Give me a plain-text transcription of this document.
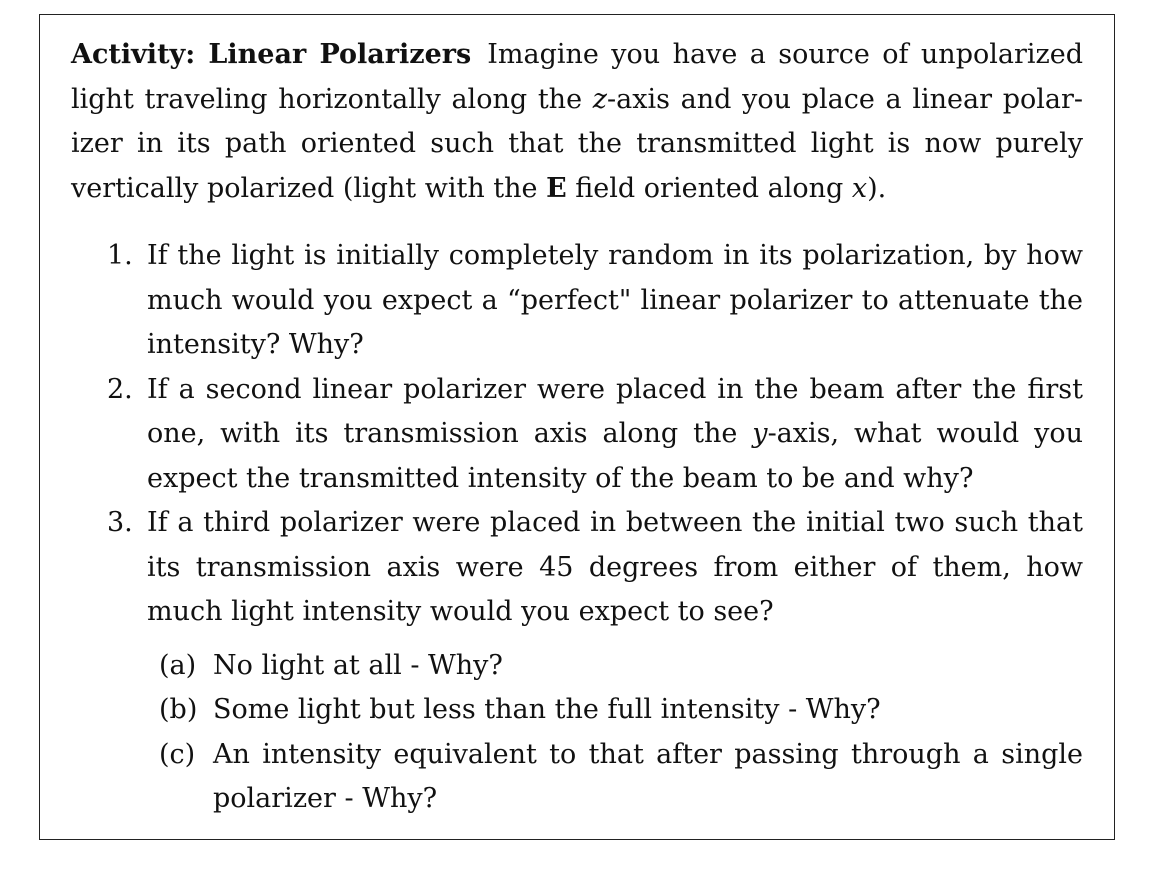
Activity: Linear Polarizers Imagine you have a source of unpolarized light traveling horizontally along the z-axis and you place a linear polarizer in its path oriented such that the transmitted light is now purely vertically polarized (light with the E field oriented along x).

1. If the light is initially completely random in its polarization, by how much would you expect a “perfect" linear polarizer to attenuate the intensity? Why?
2. If a second linear polarizer were placed in the beam after the first one, with its transmission axis along the y-axis, what would you expect the transmitted intensity of the beam to be and why?
3. If a third polarizer were placed in between the initial two such that its transmission axis were 45 degrees from either of them, how much light intensity would you expect to see?
(a) No light at all - Why?
(b) Some light but less than the full intensity - Why?
(c) An intensity equivalent to that after passing through a single polarizer - Why?
